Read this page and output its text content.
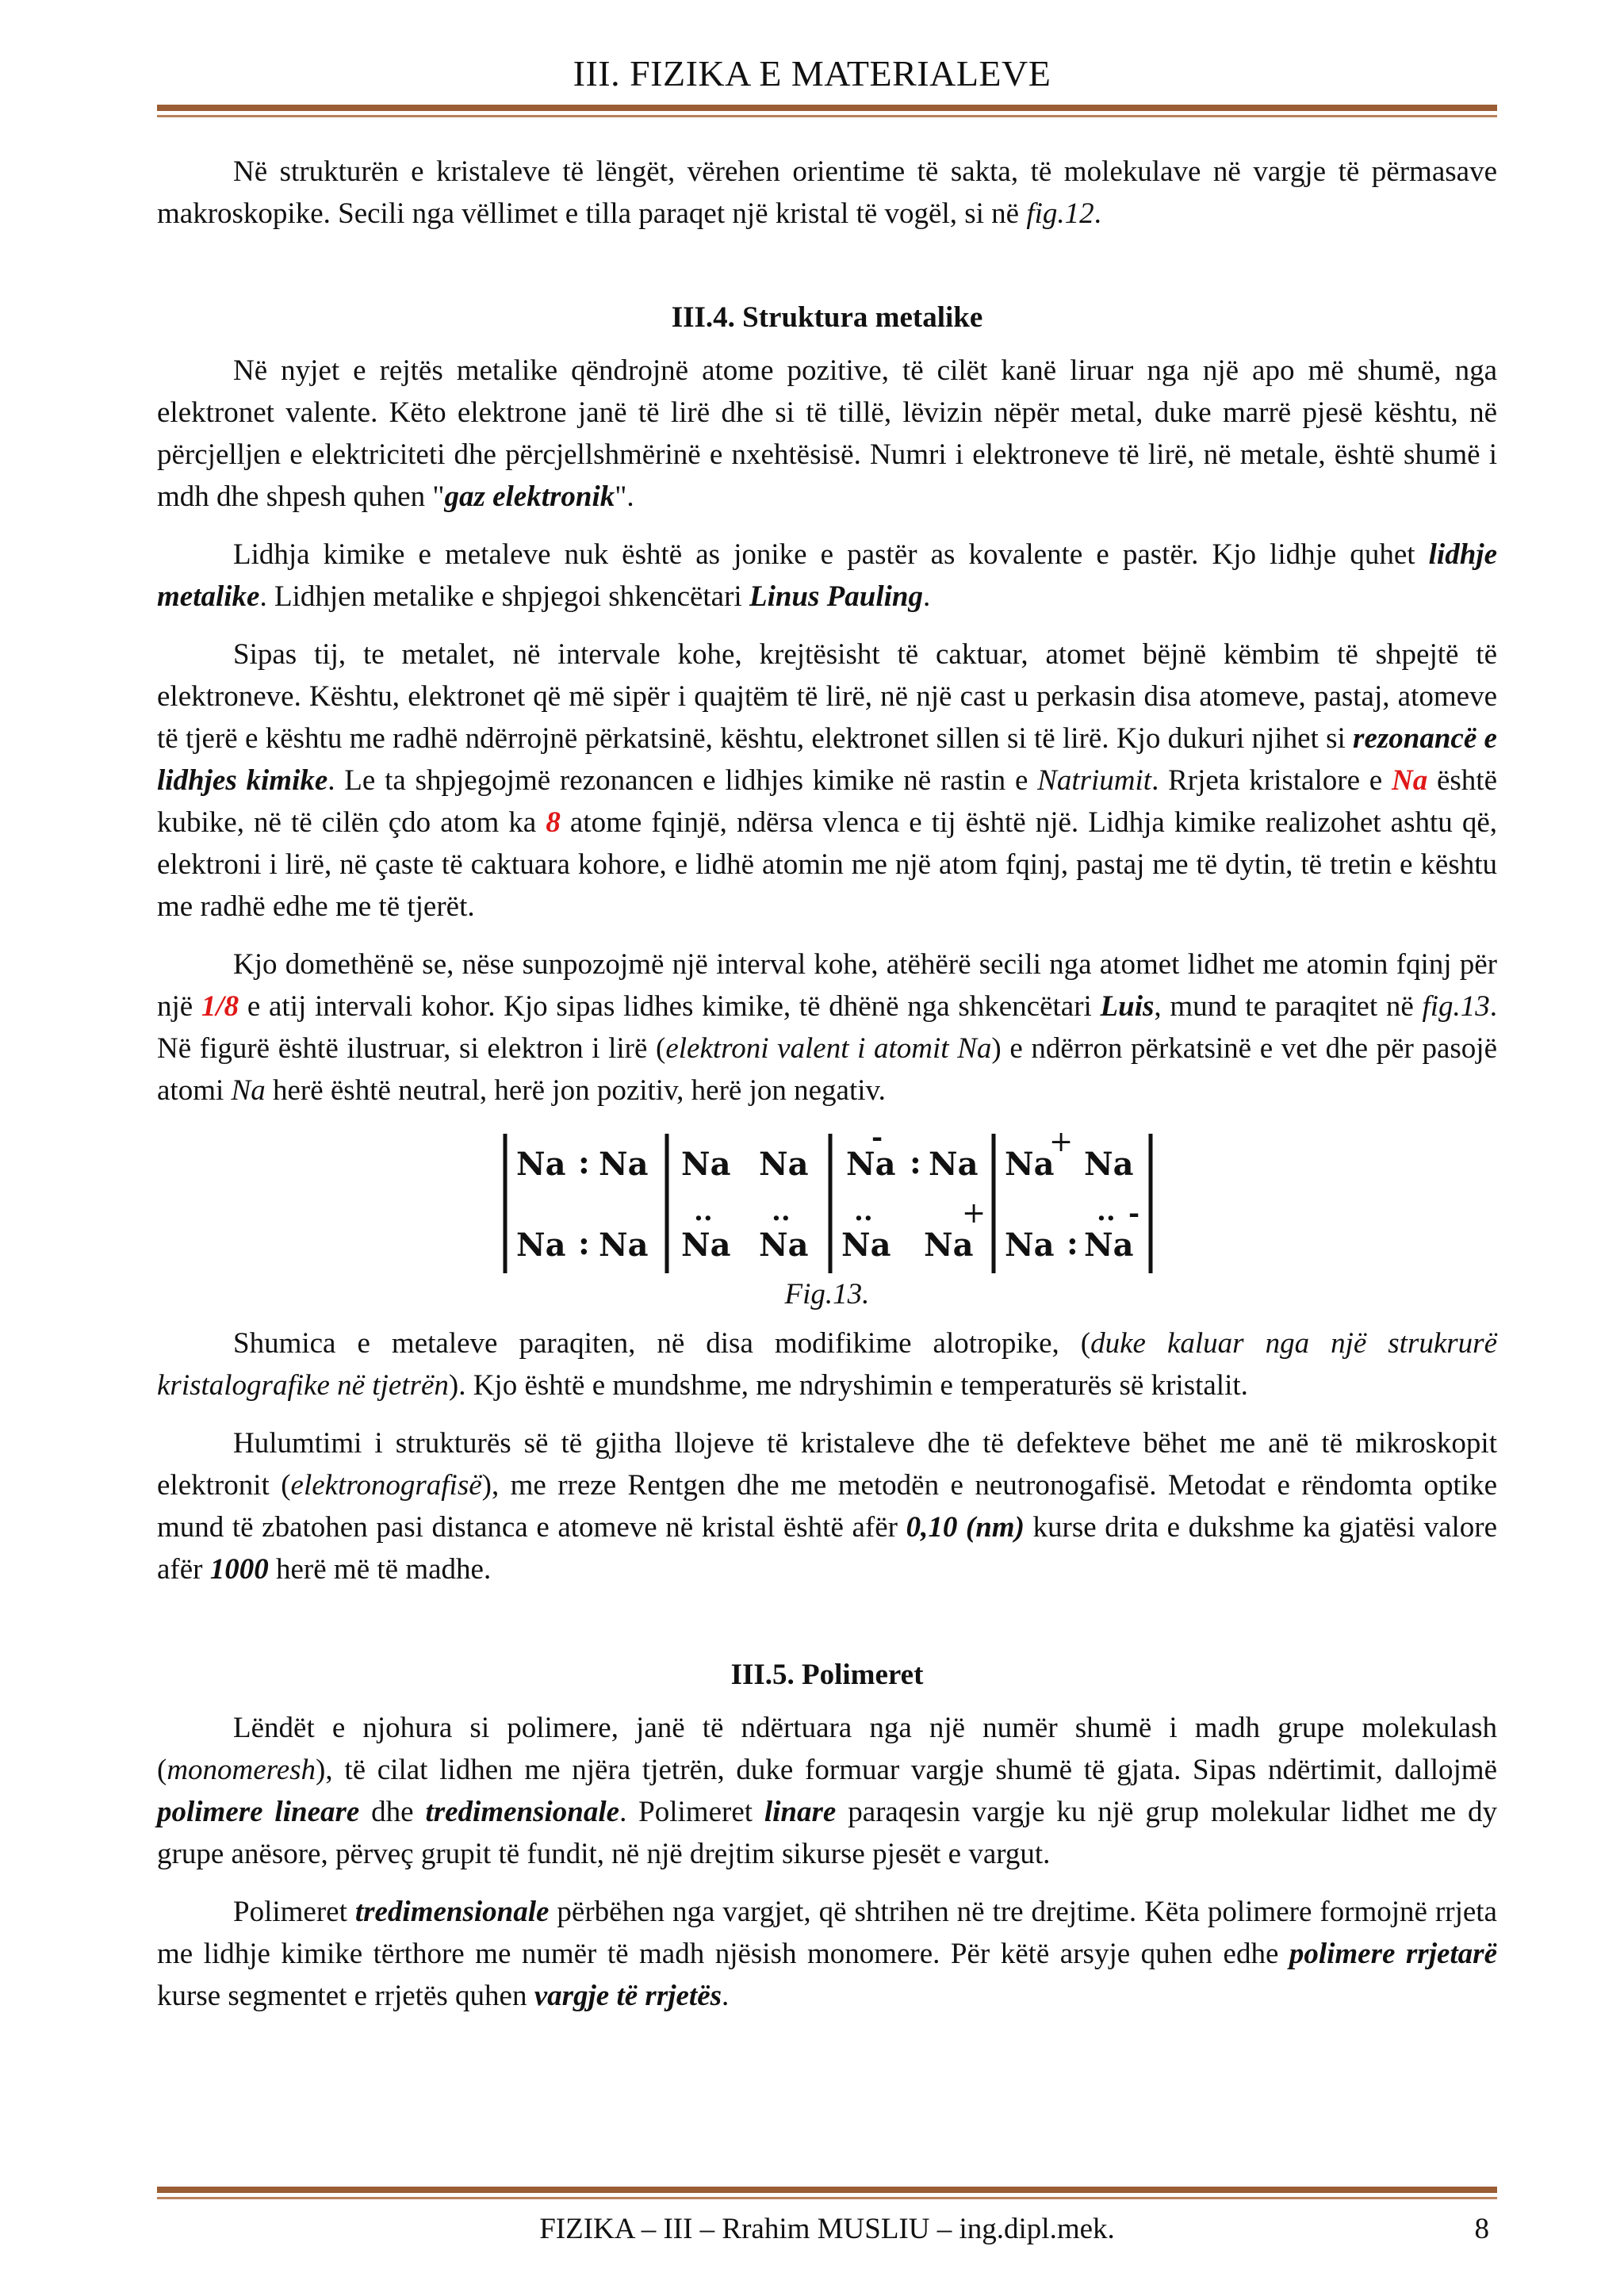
III. FIZIKA E MATERIALEVE

Në strukturën e kristaleve të lëngët, vërehen orientime të sakta, të molekulave në vargje të përmasave makroskopike. Secili nga vëllimet e tilla paraqet një kristal të vogël, si në fig.12.

III.4. Struktura metalike

Në nyjet e rejtës metalike qëndrojnë atome pozitive, të cilët kanë liruar nga një apo më shumë, nga elektronet valente. Këto elektrone janë të lirë dhe si të tillë, lëvizin nëpër metal, duke marrë pjesë kështu, në përcjelljen e elektriciteti dhe përcjellshmërinë e nxehtësisë. Numri i elektroneve të lirë, në metale, është shumë i mdh dhe shpesh quhen "gaz elektronik".

Lidhja kimike e metaleve nuk është as jonike e pastër as kovalente e pastër. Kjo lidhje quhet lidhje metalike. Lidhjen metalike e shpjegoi shkencëtari Linus Pauling.

Sipas tij, te metalet, në intervale kohe, krejtësisht të caktuar, atomet bëjnë këmbim të shpejtë të elektroneve. Kështu, elektronet që më sipër i quajtëm të lirë, në një cast u perkasin disa atomeve, pastaj, atomeve të tjerë e kështu me radhë ndërrojnë përkatsinë, kështu, elektronet sillen si të lirë. Kjo dukuri njihet si rezonancë e lidhjes kimike. Le ta shpjegojmë rezonancen e lidhjes kimike në rastin e Natriumit. Rrjeta kristalore e Na është kubike, në të cilën çdo atom ka 8 atome fqinjë, ndërsa vlenca e tij është një. Lidhja kimike realizohet ashtu që, elektroni i lirë, në çaste të caktuara kohore, e lidhë atomin me një atom fqinj, pastaj me të dytin, të tretin e kështu me radhë edhe me të tjerët.

Kjo domethënë se, nëse sunpozojmë një interval kohe, atëhërë secili nga atomet lidhet me atomin fqinj për një 1/8 e atij intervali kohor. Kjo sipas lidhes kimike, të dhënë nga shkencëtari Luis, mund te paraqitet në fig.13. Në figurë është ilustruar, si elektron i lirë (elektroni valent i atomit Na) e ndërron përkatsinë e vet dhe për pasojë atomi Na herë është neutral, herë jon pozitiv, herë jon negativ.

Na : Na
Na : Na
Na Na
··
Na
··
Na
Na
-
: Na
··
Na Na
+
Na
+
Na
Na :
··
Na
-
Fig.13.

Shumica e metaleve paraqiten, në disa modifikime alotropike, (duke kaluar nga një strukrurë kristalografike në tjetrën). Kjo është e mundshme, me ndryshimin e temperaturës së kristalit.

Hulumtimi i strukturës së të gjitha llojeve të kristaleve dhe të defekteve bëhet me anë të mikroskopit elektronit (elektronografisë), me rreze Rentgen dhe me metodën e neutronogafisë. Metodat e rëndomta optike mund të zbatohen pasi distanca e atomeve në kristal është afër 0,10 (nm) kurse drita e dukshme ka gjatësi valore afër 1000 herë më të madhe.

III.5. Polimeret

Lëndët e njohura si polimere, janë të ndërtuara nga një numër shumë i madh grupe molekulash (monomeresh), të cilat lidhen me njëra tjetrën, duke formuar vargje shumë të gjata. Sipas ndërtimit, dallojmë polimere lineare dhe tredimensionale. Polimeret linare paraqesin vargje ku një grup molekular lidhet me dy grupe anësore, përveç grupit të fundit, në një drejtim sikurse pjesët e vargut.

Polimeret tredimensionale përbëhen nga vargjet, që shtrihen në tre drejtime. Këta polimere formojnë rrjeta me lidhje kimike tërthore me numër të madh njësish monomere. Për këtë arsyje quhen edhe polimere rrjetarë kurse segmentet e rrjetës quhen vargje të rrjetës.

FIZIKA – III – Rrahim MUSLIU – ing.dipl.mek.	8
